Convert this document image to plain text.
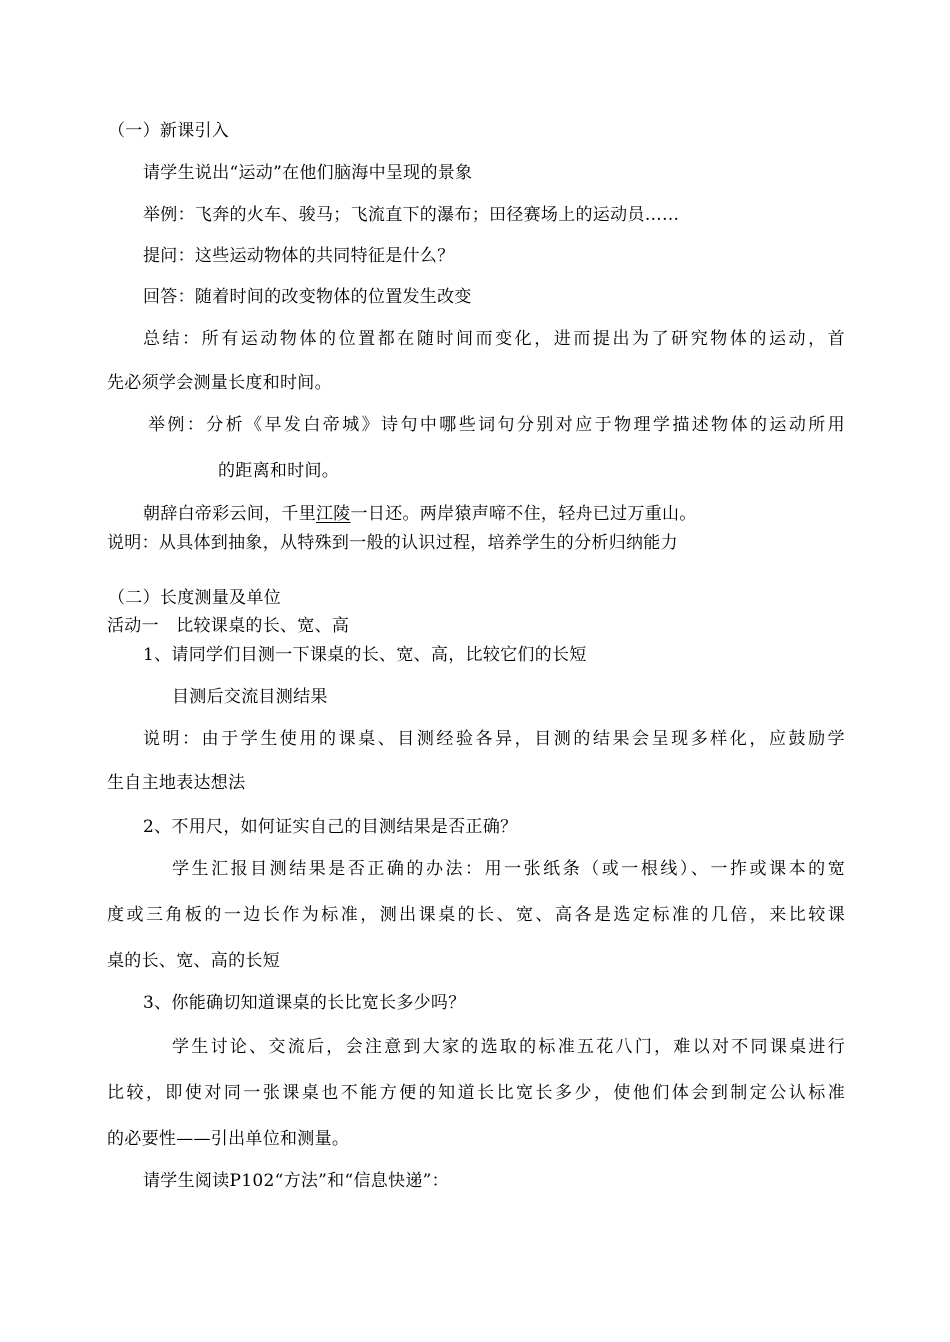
（一）新课引入
请学生说出“运动”在他们脑海中呈现的景象
举例：飞奔的火车、骏马；飞流直下的瀑布；田径赛场上的运动员……
提问：这些运动物体的共同特征是什么？
回答：随着时间的改变物体的位置发生改变
总结：所有运动物体的位置都在随时间而变化，进而提出为了研究物体的运动，首
先必须学会测量长度和时间。
举例：分析《早发白帝城》诗句中哪些词句分别对应于物理学描述物体的运动所用
的距离和时间。
朝辞白帝彩云间，千里江陵一日还。两岸猿声啼不住，轻舟已过万重山。
说明：从具体到抽象，从特殊到一般的认识过程，培养学生的分析归纳能力
（二）长度测量及单位
活动一　比较课桌的长、宽、高
1、请同学们目测一下课桌的长、宽、高，比较它们的长短
目测后交流目测结果
说明：由于学生使用的课桌、目测经验各异，目测的结果会呈现多样化，应鼓励学
生自主地表达想法
2、不用尺，如何证实自己的目测结果是否正确？
学生汇报目测结果是否正确的办法：用一张纸条（或一根线）、一拃或课本的宽
度或三角板的一边长作为标准，测出课桌的长、宽、高各是选定标准的几倍，来比较课
桌的长、宽、高的长短
3、你能确切知道课桌的长比宽长多少吗？
学生讨论、交流后，会注意到大家的选取的标准五花八门，难以对不同课桌进行
比较，即使对同一张课桌也不能方便的知道长比宽长多少，使他们体会到制定公认标准
的必要性——引出单位和测量。
请学生阅读P102“方法”和“信息快递”：
